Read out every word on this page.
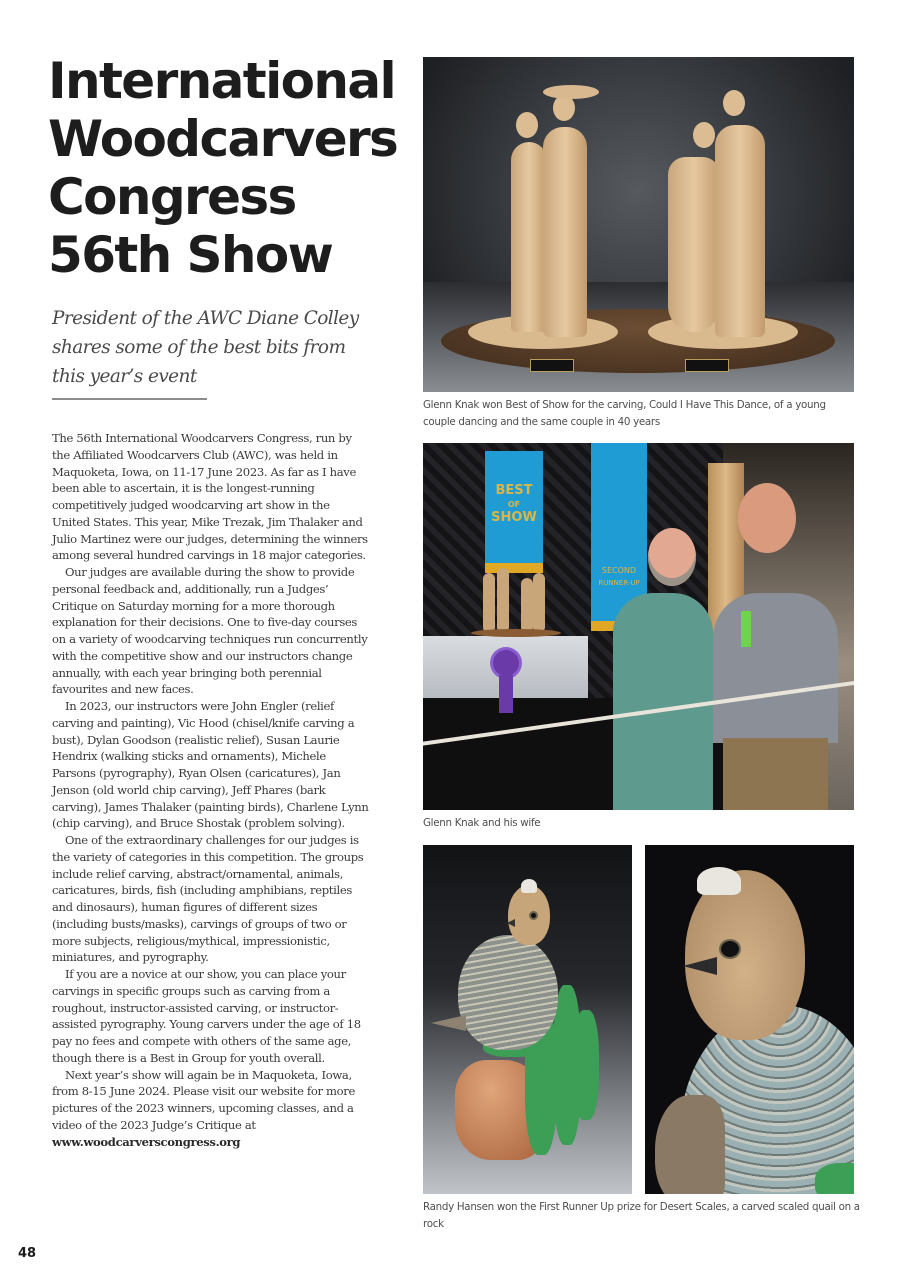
International
Woodcarvers
Congress
56th Show

President of the AWC Diane Colley
shares some of the best bits from
this year’s event

The 56th International Woodcarvers Congress, run by the Affiliated Woodcarvers Club (AWC), was held in Maquoketa, Iowa, on 11-17 June 2023. As far as I have been able to ascertain, it is the longest-running competitively judged woodcarving art show in the United States. This year, Mike Trezak, Jim Thalaker and Julio Martinez were our judges, determining the winners among several hundred carvings in 18 major categories.

Our judges are available during the show to provide personal feedback and, additionally, run a Judges’ Critique on Saturday morning for a more thorough explanation for their decisions. One to five-day courses on a variety of woodcarving techniques run concurrently with the competitive show and our instructors change annually, with each year bringing both perennial favourites and new faces.

In 2023, our instructors were John Engler (relief carving and painting), Vic Hood (chisel/knife carving a bust), Dylan Goodson (realistic relief), Susan Laurie Hendrix (walking sticks and ornaments), Michele Parsons (pyrography), Ryan Olsen (caricatures), Jan Jenson (old world chip carving), Jeff Phares (bark carving), James Thalaker (painting birds), Charlene Lynn (chip carving), and Bruce Shostak (problem solving).

One of the extraordinary challenges for our judges is the variety of categories in this competition. The groups include relief carving, abstract/ornamental, animals, caricatures, birds, fish (including amphibians, reptiles and dinosaurs), human figures of different sizes (including busts/masks), carvings of groups of two or more subjects, religious/mythical, impressionistic, miniatures, and pyrography.

If you are a novice at our show, you can place your carvings in specific groups such as carving from a roughout, instructor-assisted carving, or instructor-assisted pyrography. Young carvers under the age of 18 pay no fees and compete with others of the same age, though there is a Best in Group for youth overall.

Next year’s show will again be in Maquoketa, Iowa, from 8-15 June 2024. Please visit our website for more pictures of the 2023 winners, upcoming classes, and a video of the 2023 Judge’s Critique at www.woodcarverscongress.org

Glenn Knak won Best of Show for the carving, Could I Have This Dance, of a young couple dancing and the same couple in 40 years

BEST
OF
SHOW
SECOND
RUNNER-UP

Glenn Knak and his wife

Randy Hansen won the First Runner Up prize for Desert Scales, a carved scaled quail on a rock

48
